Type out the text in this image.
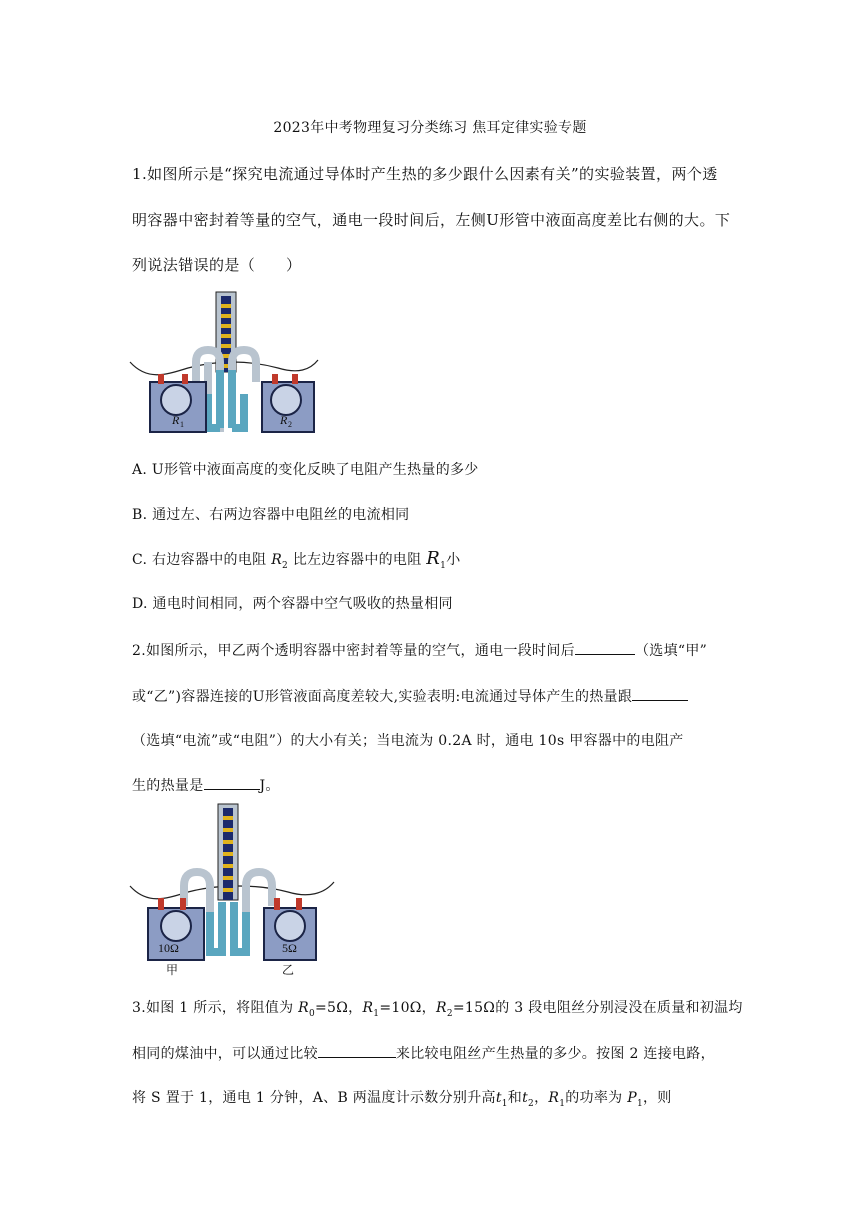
2023年中考物理复习分类练习 焦耳定律实验专题
1.如图所示是“探究电流通过导体时产生热的多少跟什么因素有关”的实验装置，两个透
明容器中密封着等量的空气，通电一段时间后，左侧U形管中液面高度差比右侧的大。下
列说法错误的是（　　）
R 1	R 2
A. U形管中液面高度的变化反映了电阻产生热量的多少
B. 通过左、右两边容器中电阻丝的电流相同
C. 右边容器中的电阻 $R_2$ 比左边容器中的电阻 $R_1$小
D. 通电时间相同，两个容器中空气吸收的热量相同
2.如图所示，甲乙两个透明容器中密封着等量的空气，通电一段时间后	（选填“甲”
或“乙”)容器连接的U形管液面高度差较大,实验表明:电流通过导体产生的热量跟
（选填“电流”或“电阻”）的大小有关；当电流为 0.2A 时，通电 10s 甲容器中的电阻产
生的热量是	J。
10Ω	5Ω
甲	乙
3.如图 1 所示，将阻值为 $R_0=5\Omega$，$R_1=10\Omega$，$R_2=15\Omega$的 3 段电阻丝分别浸没在质量和初温均
相同的煤油中，可以通过比较	来比较电阻丝产生热量的多少。按图 2 连接电路，
将 S 置于 1，通电 1 分钟，A、B 两温度计示数分别升高$t_1$和$t_2$，$R_1$的功率为 $P_1$，则
